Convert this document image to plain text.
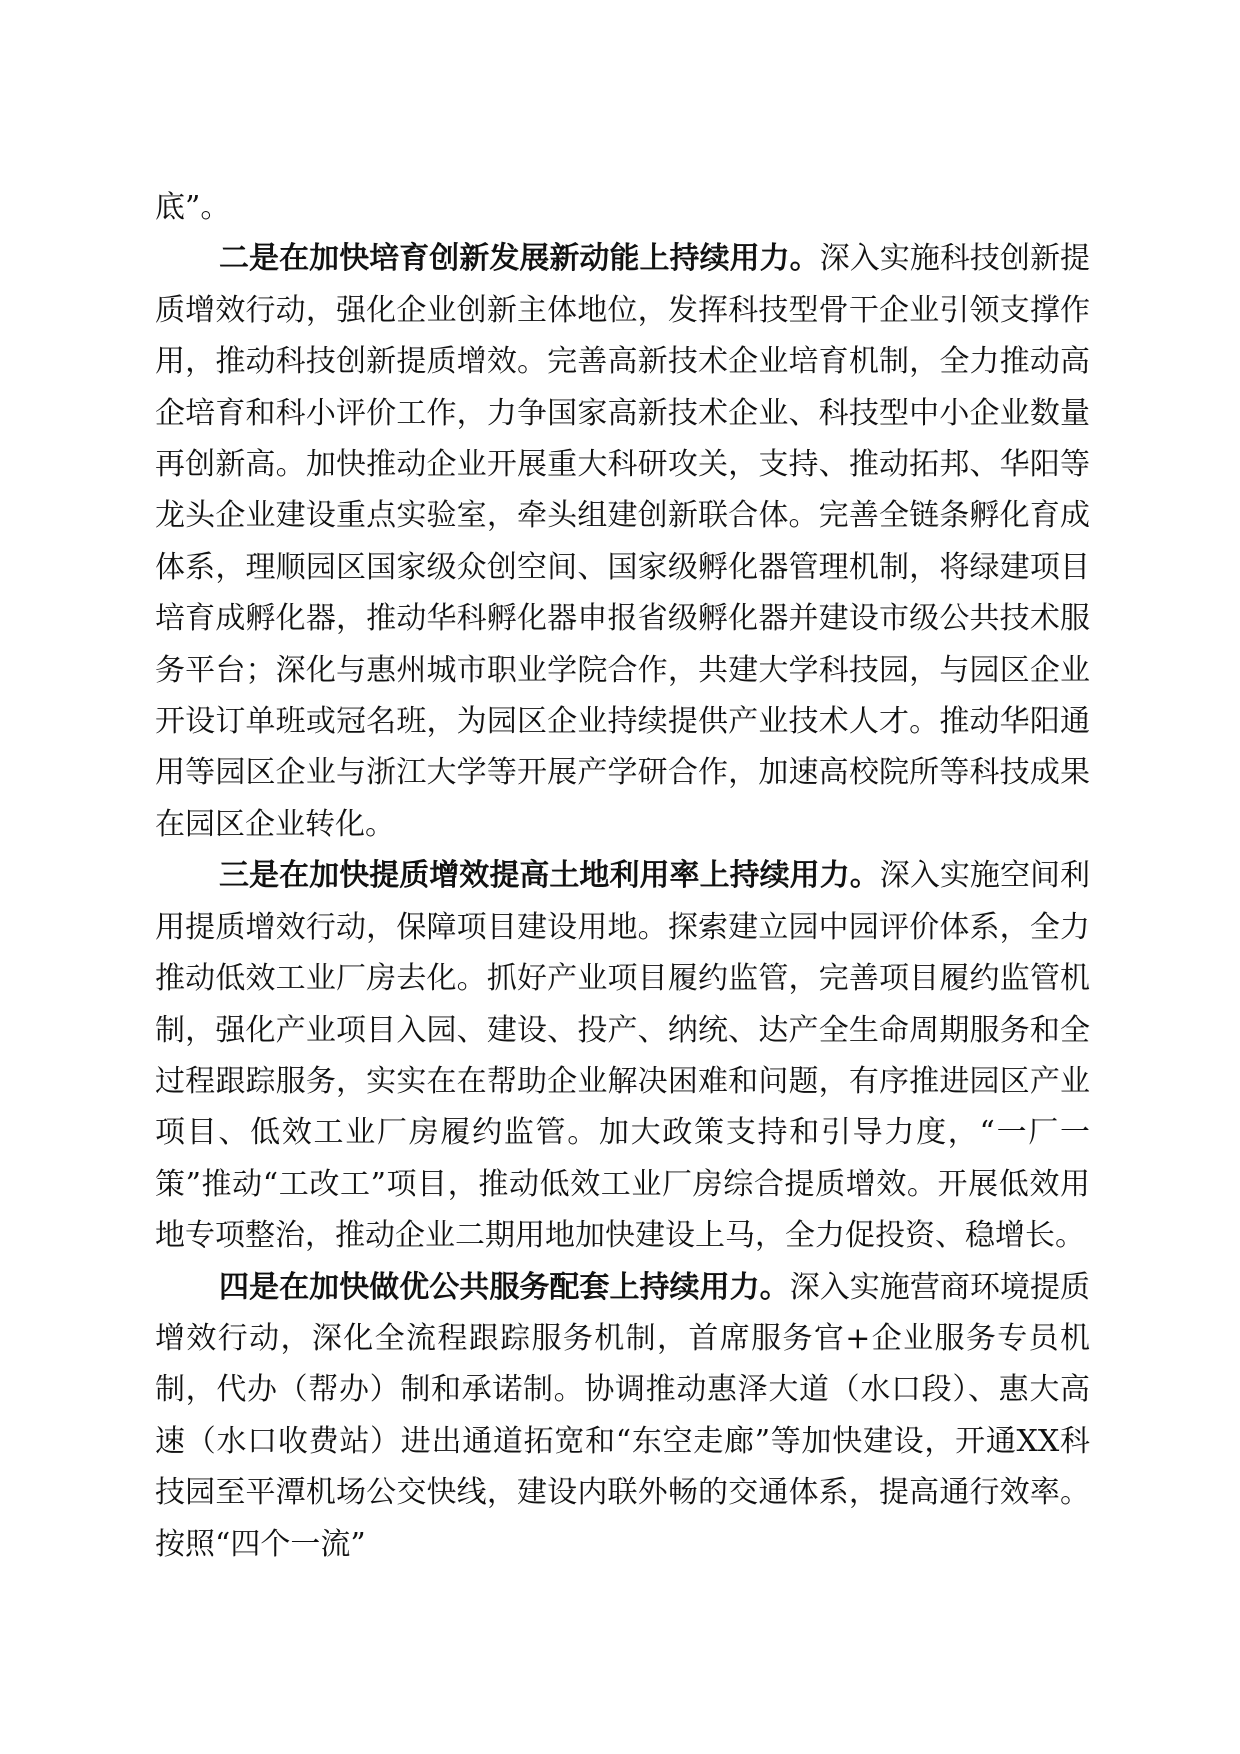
底”。

二是在加快培育创新发展新动能上持续用力。深入实施科技创新提质增效行动，强化企业创新主体地位，发挥科技型骨干企业引领支撑作用，推动科技创新提质增效。完善高新技术企业培育机制，全力推动高企培育和科小评价工作，力争国家高新技术企业、科技型中小企业数量再创新高。加快推动企业开展重大科研攻关，支持、推动拓邦、华阳等龙头企业建设重点实验室，牵头组建创新联合体。完善全链条孵化育成体系，理顺园区国家级众创空间、国家级孵化器管理机制，将绿建项目培育成孵化器，推动华科孵化器申报省级孵化器并建设市级公共技术服务平台；深化与惠州城市职业学院合作，共建大学科技园，与园区企业开设订单班或冠名班，为园区企业持续提供产业技术人才。推动华阳通用等园区企业与浙江大学等开展产学研合作，加速高校院所等科技成果在园区企业转化。

三是在加快提质增效提高土地利用率上持续用力。深入实施空间利用提质增效行动，保障项目建设用地。探索建立园中园评价体系，全力推动低效工业厂房去化。抓好产业项目履约监管，完善项目履约监管机制，强化产业项目入园、建设、投产、纳统、达产全生命周期服务和全过程跟踪服务，实实在在帮助企业解决困难和问题，有序推进园区产业项目、低效工业厂房履约监管。加大政策支持和引导力度，“一厂一策”推动“工改工”项目，推动低效工业厂房综合提质增效。开展低效用地专项整治，推动企业二期用地加快建设上马，全力促投资、稳增长。

四是在加快做优公共服务配套上持续用力。深入实施营商环境提质增效行动，深化全流程跟踪服务机制，首席服务官+企业服务专员机制，代办（帮办）制和承诺制。协调推动惠泽大道（水口段）、惠大高速（水口收费站）进出通道拓宽和“东空走廊”等加快建设，开通XX科技园至平潭机场公交快线，建设内联外畅的交通体系，提高通行效率。按照“四个一流”
